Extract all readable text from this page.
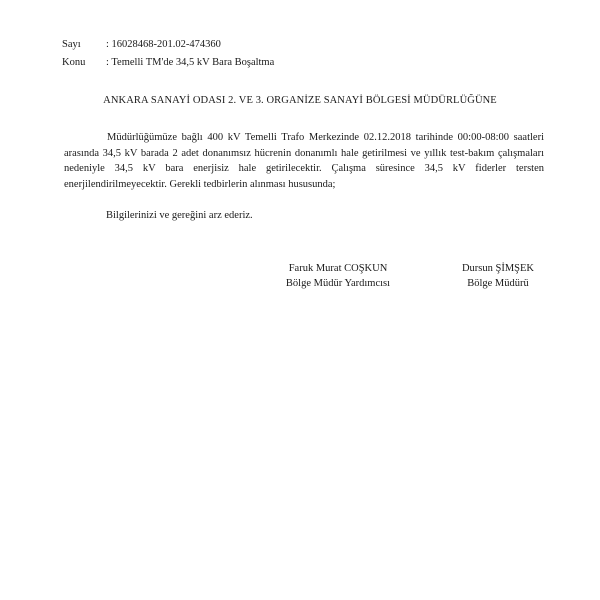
Sayı : 16028468-201.02-474360
Konu : Temelli TM'de 34,5 kV Bara Boşaltma
ANKARA SANAYİ ODASI 2. VE 3. ORGANİZE SANAYİ BÖLGESİ MÜDÜRLÜĞÜNE
Müdürlüğümüze bağlı 400 kV Temelli Trafo Merkezinde 02.12.2018 tarihinde 00:00-08:00 saatleri arasında 34,5 kV barada 2 adet donanımsız hücrenin donanımlı hale getirilmesi ve yıllık test-bakım çalışmaları nedeniyle 34,5 kV bara enerjisiz hale getirilecektir. Çalışma süresince 34,5 kV fiderler tersten enerjilendirilmeyecektir. Gerekli tedbirlerin alınması hususunda;
Bilgilerinizi ve gereğini arz ederiz.
Faruk Murat COŞKUN
Bölge Müdür Yardımcısı
Dursun ŞİMŞEK
Bölge Müdürü
